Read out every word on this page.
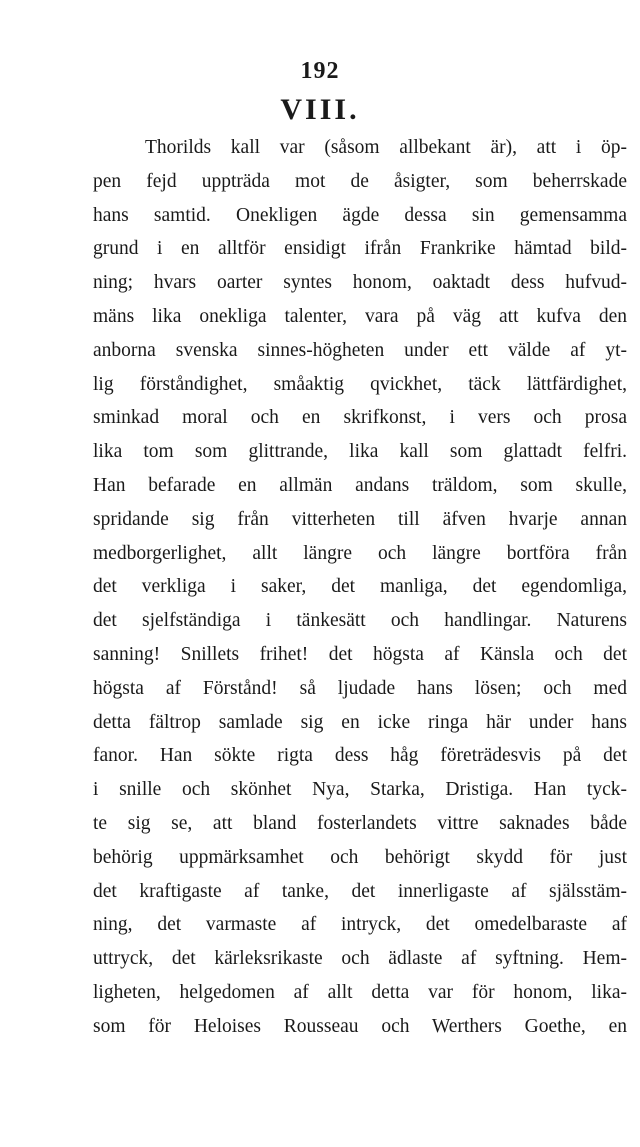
192
VIII.
Thorilds kall var (såsom allbekant är), att i öp-
pen fejd uppträda mot de åsigter, som beherrskade
hans samtid. Onekligen ägde dessa sin gemensamma
grund i en alltför ensidigt ifrån Frankrike hämtad bild-
ning; hvars oarter syntes honom, oaktadt dess hufvud-
mäns lika onekliga talenter, vara på väg att kufva den
anborna svenska sinnes-högheten under ett välde af yt-
lig förståndighet, småaktig qvickhet, täck lättfärdighet,
sminkad moral och en skrifkonst, i vers och prosa
lika tom som glittrande, lika kall som glattadt felfri.
Han befarade en allmän andans träldom, som skulle,
spridande sig från vitterheten till äfven hvarje annan
medborgerlighet, allt längre och längre bortföra från
det verkliga i saker, det manliga, det egendomliga,
det sjelfständiga i tänkesätt och handlingar. Naturens
sanning! Snillets frihet! det högsta af Känsla och det
högsta af Förstånd! så ljudade hans lösen; och med
detta fältrop samlade sig en icke ringa här under hans
fanor. Han sökte rigta dess håg företrädesvis på det
i snille och skönhet Nya, Starka, Dristiga. Han tyck-
te sig se, att bland fosterlandets vittre saknades både
behörig uppmärksamhet och behörigt skydd för just
det kraftigaste af tanke, det innerligaste af själsstäm-
ning, det varmaste af intryck, det omedelbaraste af
uttryck, det kärleksrikaste och ädlaste af syftning. Hem-
ligheten, helgedomen af allt detta var för honom, lika-
som för Heloises Rousseau och Werthers Goethe, en
